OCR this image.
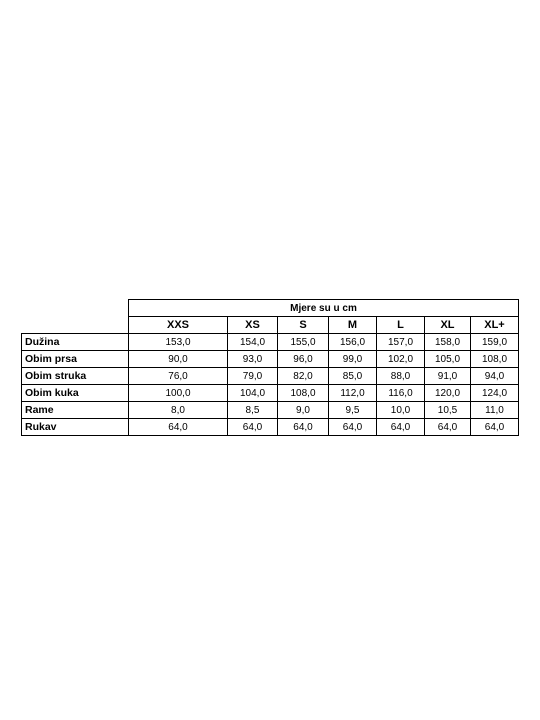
	Mjere su u cm						
	XXS	XS	S	M	L	XL	XL+
Dužina	153,0	154,0	155,0	156,0	157,0	158,0	159,0
Obim prsa	90,0	93,0	96,0	99,0	102,0	105,0	108,0
Obim struka	76,0	79,0	82,0	85,0	88,0	91,0	94,0
Obim kuka	100,0	104,0	108,0	112,0	116,0	120,0	124,0
Rame	8,0	8,5	9,0	9,5	10,0	10,5	11,0
Rukav	64,0	64,0	64,0	64,0	64,0	64,0	64,0
